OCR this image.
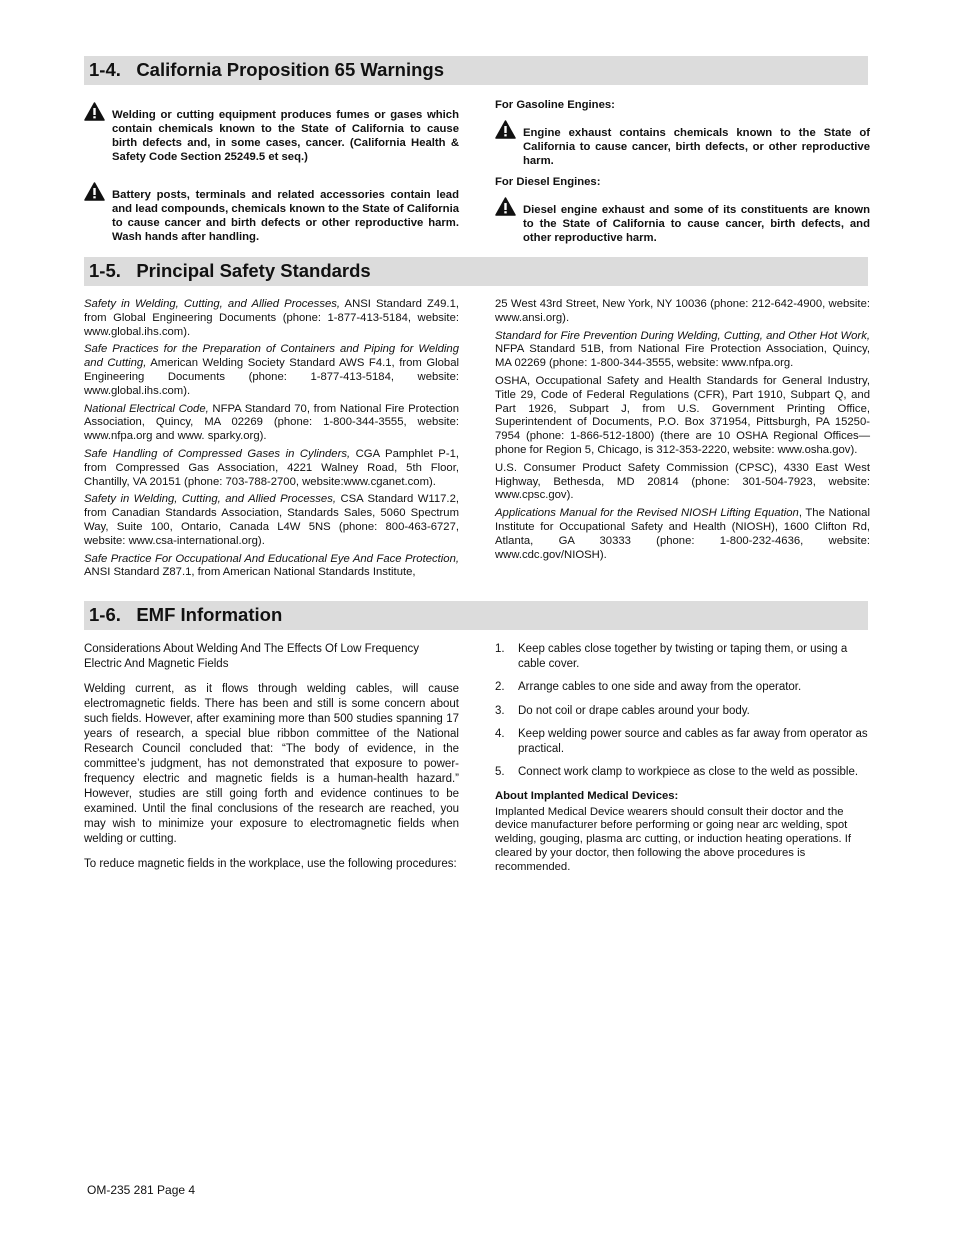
1-4. California Proposition 65 Warnings
Welding or cutting equipment produces fumes or gases which contain chemicals known to the State of California to cause birth defects and, in some cases, cancer. (California Health & Safety Code Section 25249.5 et seq.)
Battery posts, terminals and related accessories contain lead and lead compounds, chemicals known to the State of California to cause cancer and birth defects or other reproductive harm. Wash hands after handling.
For Gasoline Engines:
Engine exhaust contains chemicals known to the State of California to cause cancer, birth defects, or other reproductive harm.
For Diesel Engines:
Diesel engine exhaust and some of its constituents are known to the State of California to cause cancer, birth defects, and other reproductive harm.
1-5. Principal Safety Standards

Safety in Welding, Cutting, and Allied Processes, ANSI Standard Z49.1, from Global Engineering Documents (phone: 1-877-413-5184, website: www.global.ihs.com).

Safe Practices for the Preparation of Containers and Piping for Welding and Cutting, American Welding Society Standard AWS F4.1, from Global Engineering Documents (phone: 1-877-413-5184, website: www.global.ihs.com).

National Electrical Code, NFPA Standard 70, from National Fire Protection Association, Quincy, MA 02269 (phone: 1-800-344-3555, website: www.nfpa.org and www. sparky.org).

Safe Handling of Compressed Gases in Cylinders, CGA Pamphlet P-1, from Compressed Gas Association, 4221 Walney Road, 5th Floor, Chantilly, VA 20151 (phone: 703-788-2700, website:www.cganet.com).

Safety in Welding, Cutting, and Allied Processes, CSA Standard W117.2, from Canadian Standards Association, Standards Sales, 5060 Spectrum Way, Suite 100, Ontario, Canada L4W 5NS (phone: 800-463-6727, website: www.csa-international.org).

Safe Practice For Occupational And Educational Eye And Face Protection, ANSI Standard Z87.1, from American National Standards Institute,

25 West 43rd Street, New York, NY 10036 (phone: 212-642-4900, website: www.ansi.org).

Standard for Fire Prevention During Welding, Cutting, and Other Hot Work, NFPA Standard 51B, from National Fire Protection Association, Quincy, MA 02269 (phone: 1-800-344-3555, website: www.nfpa.org.

OSHA, Occupational Safety and Health Standards for General Industry, Title 29, Code of Federal Regulations (CFR), Part 1910, Subpart Q, and Part 1926, Subpart J, from U.S. Government Printing Office, Superintendent of Documents, P.O. Box 371954, Pittsburgh, PA 15250-7954 (phone: 1-866-512-1800) (there are 10 OSHA Regional Offices—phone for Region 5, Chicago, is 312-353-2220, website: www.osha.gov).

U.S. Consumer Product Safety Commission (CPSC), 4330 East West Highway, Bethesda, MD 20814 (phone: 301-504-7923, website: www.cpsc.gov).

Applications Manual for the Revised NIOSH Lifting Equation, The National Institute for Occupational Safety and Health (NIOSH), 1600 Clifton Rd, Atlanta, GA 30333 (phone: 1-800-232-4636, website: www.cdc.gov/NIOSH).

1-6. EMF Information

Considerations About Welding And The Effects Of Low Frequency Electric And Magnetic Fields

Welding current, as it flows through welding cables, will cause electromagnetic fields. There has been and still is some concern about such fields. However, after examining more than 500 studies spanning 17 years of research, a special blue ribbon committee of the National Research Council concluded that: “The body of evidence, in the committee’s judgment, has not demonstrated that exposure to power-frequency electric and magnetic fields is a human-health hazard.” However, studies are still going forth and evidence continues to be examined. Until the final conclusions of the research are reached, you may wish to minimize your exposure to electromagnetic fields when welding or cutting.

To reduce magnetic fields in the workplace, use the following procedures:

1.	Keep cables close together by twisting or taping them, or using a cable cover.
2.	Arrange cables to one side and away from the operator.
3.	Do not coil or drape cables around your body.
4.	Keep welding power source and cables as far away from operator as practical.
5.	Connect work clamp to workpiece as close to the weld as possible.
About Implanted Medical Devices:

Implanted Medical Device wearers should consult their doctor and the device manufacturer before performing or going near arc welding, spot welding, gouging, plasma arc cutting, or induction heating operations. If cleared by your doctor, then following the above procedures is recommended.

OM-235 281 Page 4
